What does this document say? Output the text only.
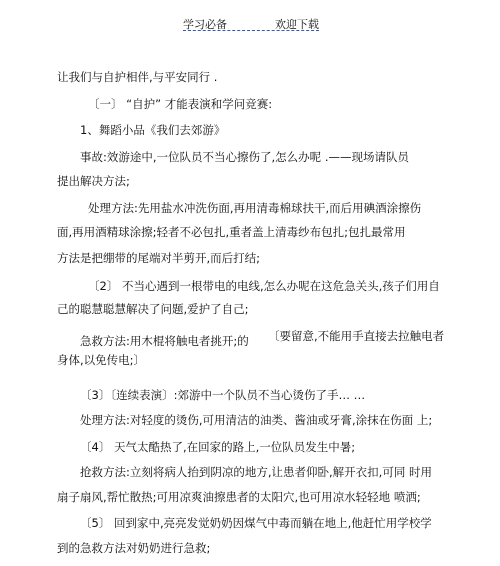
学习必备	欢迎下载
让我们与自护相伴,与平安同行 .
〔一〕 “自护” 才能表演和学问竞赛:
1、舞蹈小品《我们去郊游》
事故:效游途中,一位队员不当心擦伤了,怎么办呢 .——现场请队员
提出解决方法;
处理方法:先用盐水冲洗伤面,再用清毒棉球扶干,而后用碘酒涂擦伤
面,再用酒精球涂擦;轻者不必包扎,重者盖上清毒纱布包扎;包扎最常用
方法是把绷带的尾端对半剪开,而后打结;
〔2〕 不当心遇到一根带电的电线,怎么办呢在这危急关头,孩子们用自
己的聪慧聪慧解决了问题,爱护了自己;
急救方法:用木棍将触电者挑开;的 〔要留意,不能用手直接去拉触电者
身体,以免传电;〕
〔3〕〔连续表演〕:郊游中一个队员不当心烫伤了手… …
处理方法:对轻度的烫伤,可用清洁的油类、酱油或牙膏,涂抹在伤面 上;
〔4〕 天气太酷热了,在回家的路上,一位队员发生中暑;
抢救方法:立刻将病人抬到阴凉的地方,让患者仰卧,解开衣扣,可同 时用
扇子扇风,帮忙散热;可用凉爽油擦患者的太阳穴,也可用凉水轻轻地 喷洒;
〔5〕 回到家中,亮亮发觉奶奶因煤气中毒而躺在地上,他赶忙用学校学
到的急救方法对奶奶进行急救;
